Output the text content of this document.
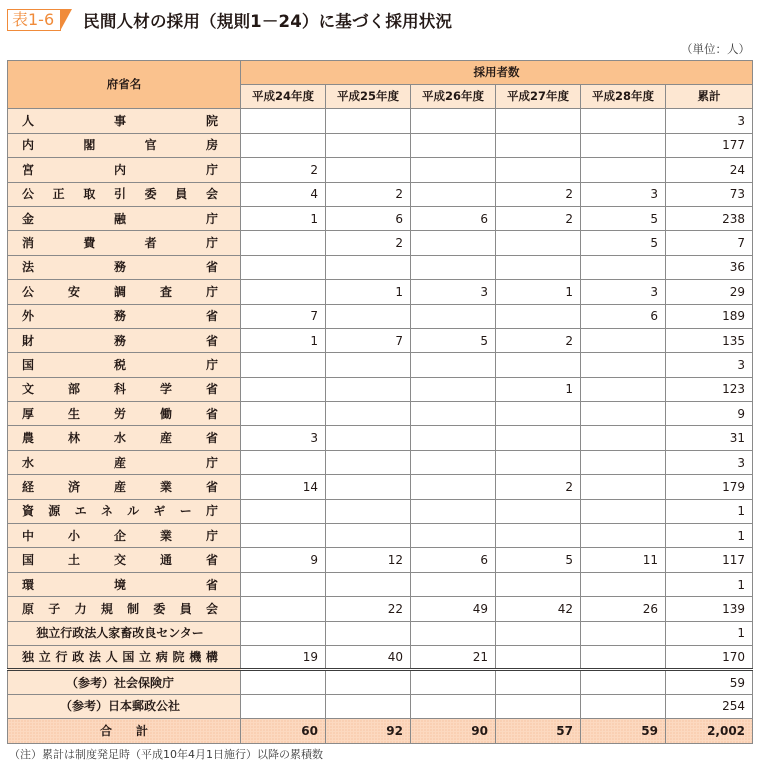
表1-6 民間人材の採用（規則1－24）に基づく採用状況
（単位：人）
府省名	採用者数					
	平成24年度	平成25年度	平成26年度	平成27年度	平成28年度	累計

人 事 院						3

内 閣 官 房						177

宮 内 庁	2					24

公 正 取 引 委 員 会	4	2		2	3	73

金 融 庁	1	6	6	2	5	238

消 費 者 庁		2			5	7

法 務 省						36

公 安 調 査 庁		1	3	1	3	29

外 務 省	7				6	189

財 務 省	1	7	5	2		135

国 税 庁						3

文 部 科 学 省				1		123

厚 生 労 働 省						9

農 林 水 産 省	3					31

水 産 庁						3

経 済 産 業 省	14			2		179

資 源 エ ネ ル ギ ー 庁						1

中 小 企 業 庁						1

国 土 交 通 省	9	12	6	5	11	117

環 境 省						1

原 子 力 規 制 委 員 会		22	49	42	26	139

独立行政法人家畜改良センター						1

独 立 行 政 法 人 国 立 病 院 機 構	19	40	21			170
（参考）社会保険庁						59
（参考）日本郵政公社						254
合　　計	60	92	90	57	59	2,002
（注）累計は制度発足時（平成10年4月1日施行）以降の累積数
